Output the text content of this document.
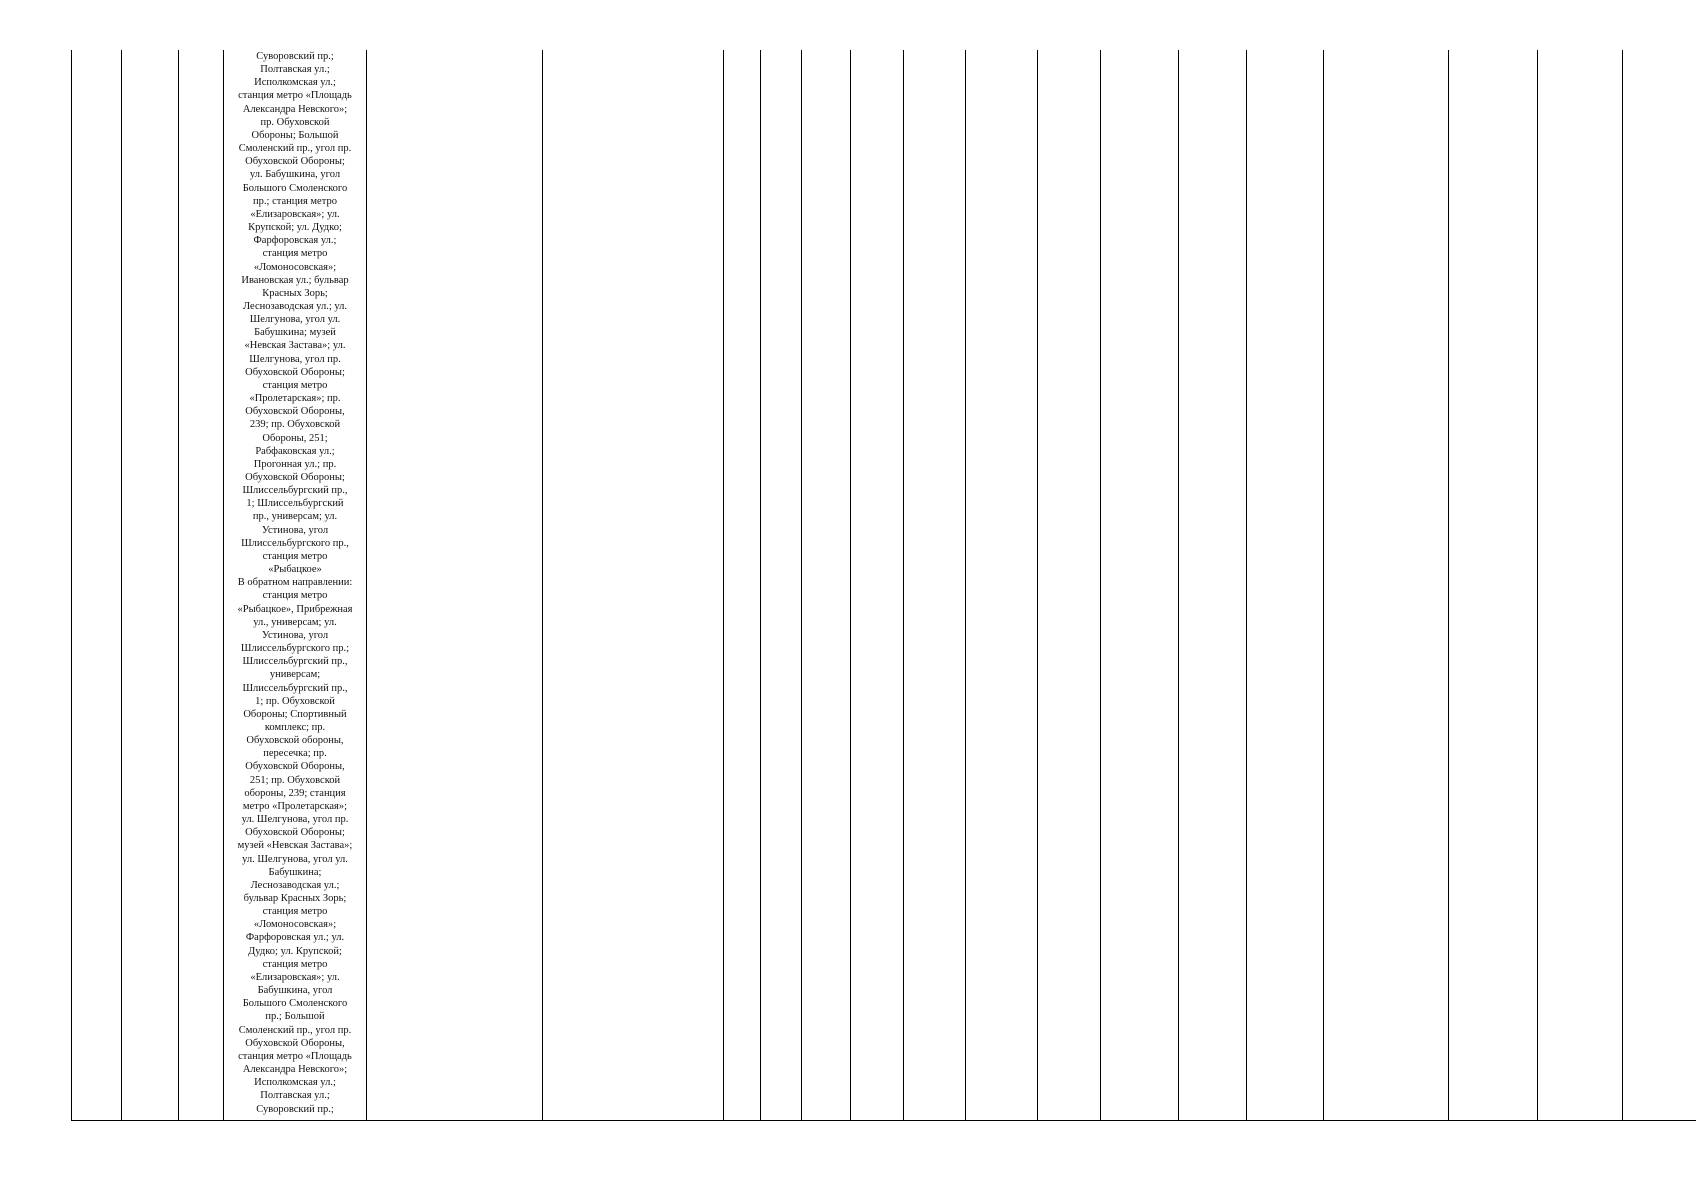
Суворовский пр.;
Полтавская ул.;
Исполкомская ул.;
станция метро «Площадь
Александра Невского»;
пр. Обуховской
Обороны; Большой
Смоленский пр., угол пр.
Обуховской Обороны;
ул. Бабушкина, угол
Большого Смоленского
пр.; станция метро
«Елизаровская»; ул.
Крупской; ул. Дудко;
Фарфоровская ул.;
станция метро
«Ломоносовская»;
Ивановская ул.; бульвар
Красных Зорь;
Леснозаводская ул.; ул.
Шелгунова, угол ул.
Бабушкина; музей
«Невская Застава»; ул.
Шелгунова, угол пр.
Обуховской Обороны;
станция метро
«Пролетарская»; пр.
Обуховской Обороны,
239; пр. Обуховской
Обороны, 251;
Рабфаковская ул.;
Прогонная ул.; пр.
Обуховской Обороны;
Шлиссельбургский пр.,
1; Шлиссельбургский
пр., универсам; ул.
Устинова, угол
Шлиссельбургского пр.,
станция метро
«Рыбацкое»
В обратном направлении:
станция метро
«Рыбацкое», Прибрежная
ул., универсам; ул.
Устинова, угол
Шлиссельбургского пр.;
Шлиссельбургский пр.,
универсам;
Шлиссельбургский пр.,
1; пр. Обуховской
Обороны; Спортивный
комплекс; пр.
Обуховской обороны,
пересечка; пр.
Обуховской Обороны,
251; пр. Обуховской
обороны, 239; станция
метро «Пролетарская»;
ул. Шелгунова, угол пр.
Обуховской Обороны;
музей «Невская Застава»;
ул. Шелгунова, угол ул.
Бабушкина;
Леснозаводская ул.;
бульвар Красных Зорь;
станция метро
«Ломоносовская»;
Фарфоровская ул.; ул.
Дудко; ул. Крупской;
станция метро
«Елизаровская»; ул.
Бабушкина, угол
Большого Смоленского
пр.; Большой
Смоленский пр., угол пр.
Обуховской Обороны,
станция метро «Площадь
Александра Невского»;
Исполкомская ул.;
Полтавская ул.;
Суворовский пр.;
